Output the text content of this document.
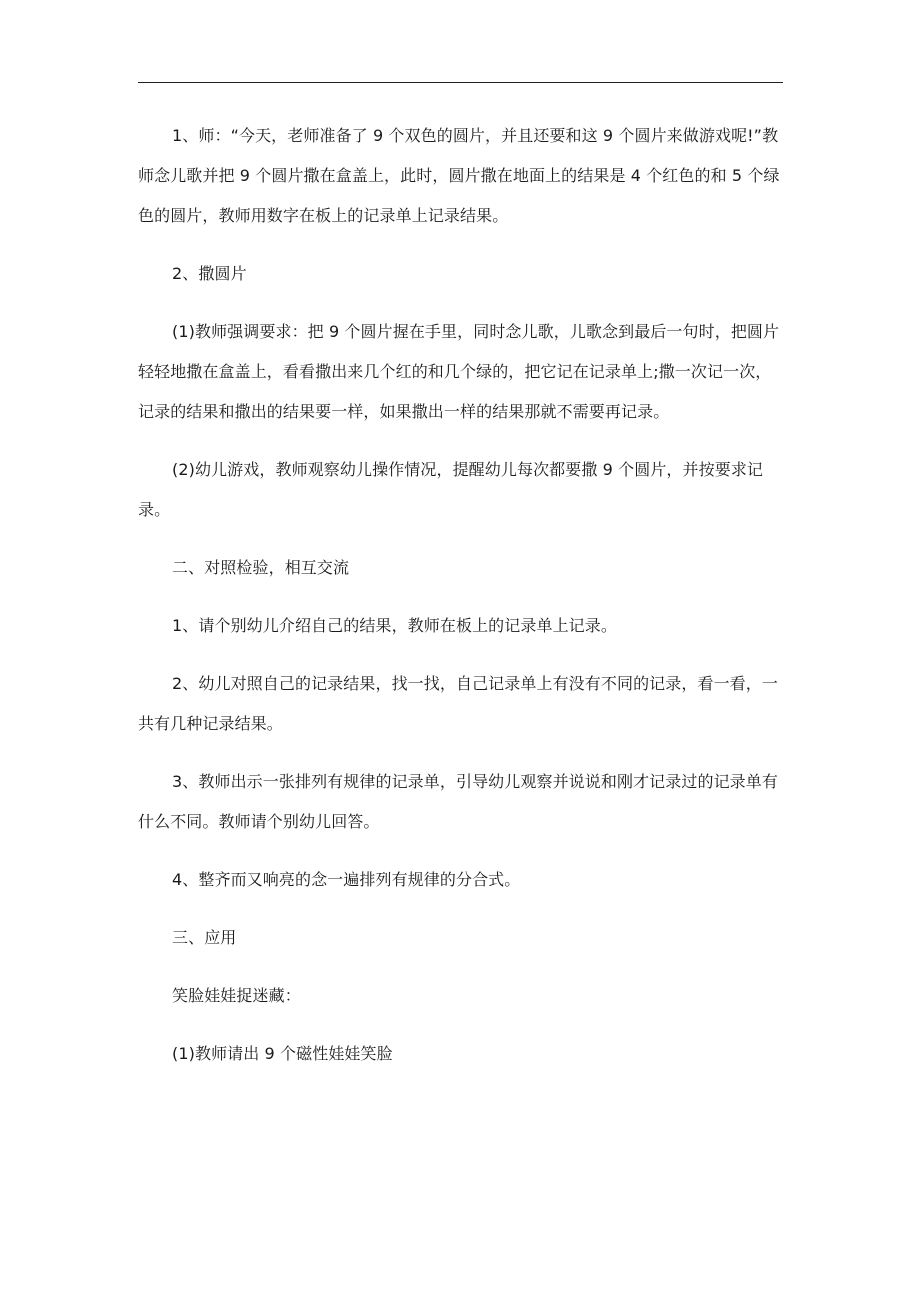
1、师：“今天，老师准备了 9 个双色的圆片，并且还要和这 9 个圆片来做游戏呢!”教师念儿歌并把 9 个圆片撒在盒盖上，此时，圆片撒在地面上的结果是 4 个红色的和 5 个绿色的圆片，教师用数字在板上的记录单上记录结果。

2、撒圆片

(1)教师强调要求：把 9 个圆片握在手里，同时念儿歌，儿歌念到最后一句时，把圆片轻轻地撒在盒盖上，看看撒出来几个红的和几个绿的，把它记在记录单上;撒一次记一次，记录的结果和撒出的结果要一样，如果撒出一样的结果那就不需要再记录。

(2)幼儿游戏，教师观察幼儿操作情况，提醒幼儿每次都要撒 9 个圆片，并按要求记录。

二、对照检验，相互交流

1、请个别幼儿介绍自己的结果，教师在板上的记录单上记录。

2、幼儿对照自己的记录结果，找一找，自己记录单上有没有不同的记录，看一看，一共有几种记录结果。

3、教师出示一张排列有规律的记录单，引导幼儿观察并说说和刚才记录过的记录单有什么不同。教师请个别幼儿回答。

4、整齐而又响亮的念一遍排列有规律的分合式。

三、应用

笑脸娃娃捉迷藏：

(1)教师请出 9 个磁性娃娃笑脸
